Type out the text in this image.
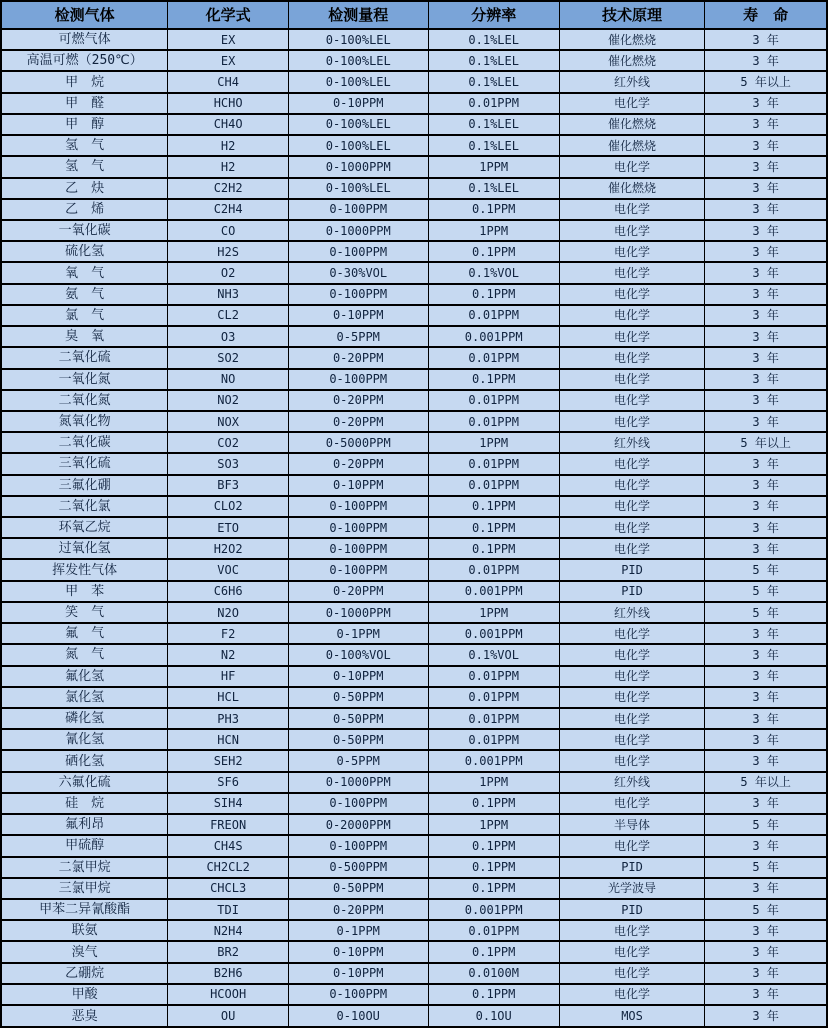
检测气体	化学式	检测量程	分辨率	技术原理	寿　命
可燃气体	EX	0-100%LEL	0.1%LEL	催化燃烧	3 年
高温可燃（250℃）	EX	0-100%LEL	0.1%LEL	催化燃烧	3 年
甲　烷	CH4	0-100%LEL	0.1%LEL	红外线	5 年以上
甲　醛	HCHO	0-10PPM	0.01PPM	电化学	3 年
甲　醇	CH4O	0-100%LEL	0.1%LEL	催化燃烧	3 年
氢　气	H2	0-100%LEL	0.1%LEL	催化燃烧	3 年
氢　气	H2	0-1000PPM	1PPM	电化学	3 年
乙　炔	C2H2	0-100%LEL	0.1%LEL	催化燃烧	3 年
乙　烯	C2H4	0-100PPM	0.1PPM	电化学	3 年
一氧化碳	CO	0-1000PPM	1PPM	电化学	3 年
硫化氢	H2S	0-100PPM	0.1PPM	电化学	3 年
氧　气	O2	0-30%VOL	0.1%VOL	电化学	3 年
氨　气	NH3	0-100PPM	0.1PPM	电化学	3 年
氯　气	CL2	0-10PPM	0.01PPM	电化学	3 年
臭　氧	O3	0-5PPM	0.001PPM	电化学	3 年
二氧化硫	SO2	0-20PPM	0.01PPM	电化学	3 年
一氧化氮	NO	0-100PPM	0.1PPM	电化学	3 年
二氧化氮	NO2	0-20PPM	0.01PPM	电化学	3 年
氮氧化物	NOX	0-20PPM	0.01PPM	电化学	3 年
二氧化碳	CO2	0-5000PPM	1PPM	红外线	5 年以上
三氧化硫	SO3	0-20PPM	0.01PPM	电化学	3 年
三氟化硼	BF3	0-10PPM	0.01PPM	电化学	3 年
二氧化氯	CLO2	0-100PPM	0.1PPM	电化学	3 年
环氧乙烷	ETO	0-100PPM	0.1PPM	电化学	3 年
过氧化氢	H2O2	0-100PPM	0.1PPM	电化学	3 年
挥发性气体	VOC	0-100PPM	0.01PPM	PID	5 年
甲　苯	C6H6	0-20PPM	0.001PPM	PID	5 年
笑　气	N2O	0-1000PPM	1PPM	红外线	5 年
氟　气	F2	0-1PPM	0.001PPM	电化学	3 年
氮　气	N2	0-100%VOL	0.1%VOL	电化学	3 年
氟化氢	HF	0-10PPM	0.01PPM	电化学	3 年
氯化氢	HCL	0-50PPM	0.01PPM	电化学	3 年
磷化氢	PH3	0-50PPM	0.01PPM	电化学	3 年
氰化氢	HCN	0-50PPM	0.01PPM	电化学	3 年
硒化氢	SEH2	0-5PPM	0.001PPM	电化学	3 年
六氟化硫	SF6	0-1000PPM	1PPM	红外线	5 年以上
硅　烷	SIH4	0-100PPM	0.1PPM	电化学	3 年
氟利昂	FREON	0-2000PPM	1PPM	半导体	5 年
甲硫醇	CH4S	0-100PPM	0.1PPM	电化学	3 年
二氯甲烷	CH2CL2	0-500PPM	0.1PPM	PID	5 年
三氯甲烷	CHCL3	0-50PPM	0.1PPM	光学波导	3 年
甲苯二异氰酸酯	TDI	0-20PPM	0.001PPM	PID	5 年
联氨	N2H4	0-1PPM	0.01PPM	电化学	3 年
溴气	BR2	0-10PPM	0.1PPM	电化学	3 年
乙硼烷	B2H6	0-10PPM	0.0100M	电化学	3 年
甲酸	HCOOH	0-100PPM	0.1PPM	电化学	3 年
恶臭	OU	0-10OU	0.1OU	MOS	3 年
